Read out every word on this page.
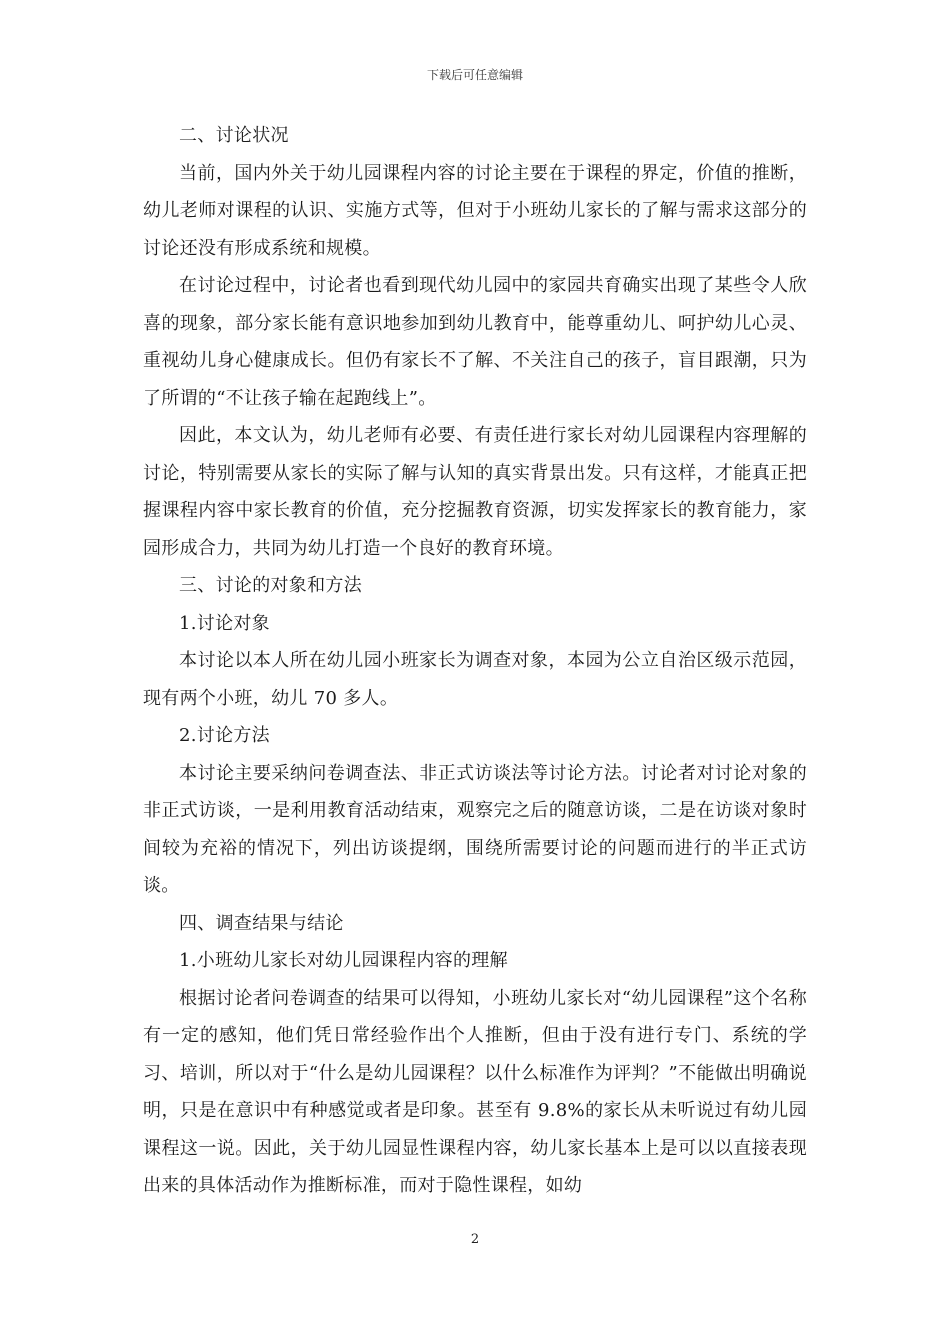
下载后可任意编辑

二、讨论状况

当前，国内外关于幼儿园课程内容的讨论主要在于课程的界定，价值的推断，幼儿老师对课程的认识、实施方式等，但对于小班幼儿家长的了解与需求这部分的讨论还没有形成系统和规模。

在讨论过程中，讨论者也看到现代幼儿园中的家园共育确实出现了某些令人欣喜的现象，部分家长能有意识地参加到幼儿教育中，能尊重幼儿、呵护幼儿心灵、重视幼儿身心健康成长。但仍有家长不了解、不关注自己的孩子，盲目跟潮，只为了所谓的“不让孩子输在起跑线上”。

因此，本文认为，幼儿老师有必要、有责任进行家长对幼儿园课程内容理解的讨论，特别需要从家长的实际了解与认知的真实背景出发。只有这样，才能真正把握课程内容中家长教育的价值，充分挖掘教育资源，切实发挥家长的教育能力，家园形成合力，共同为幼儿打造一个良好的教育环境。

三、讨论的对象和方法

1.讨论对象

本讨论以本人所在幼儿园小班家长为调查对象，本园为公立自治区级示范园，现有两个小班，幼儿 70 多人。

2.讨论方法

本讨论主要采纳问卷调查法、非正式访谈法等讨论方法。讨论者对讨论对象的非正式访谈，一是利用教育活动结束，观察完之后的随意访谈，二是在访谈对象时间较为充裕的情况下，列出访谈提纲，围绕所需要讨论的问题而进行的半正式访谈。

四、调查结果与结论

1.小班幼儿家长对幼儿园课程内容的理解

根据讨论者问卷调查的结果可以得知，小班幼儿家长对“幼儿园课程”这个名称有一定的感知，他们凭日常经验作出个人推断，但由于没有进行专门、系统的学习、培训，所以对于“什么是幼儿园课程？以什么标准作为评判？”不能做出明确说明，只是在意识中有种感觉或者是印象。甚至有 9.8%的家长从未听说过有幼儿园课程这一说。因此，关于幼儿园显性课程内容，幼儿家长基本上是可以以直接表现出来的具体活动作为推断标准，而对于隐性课程，如幼

2
